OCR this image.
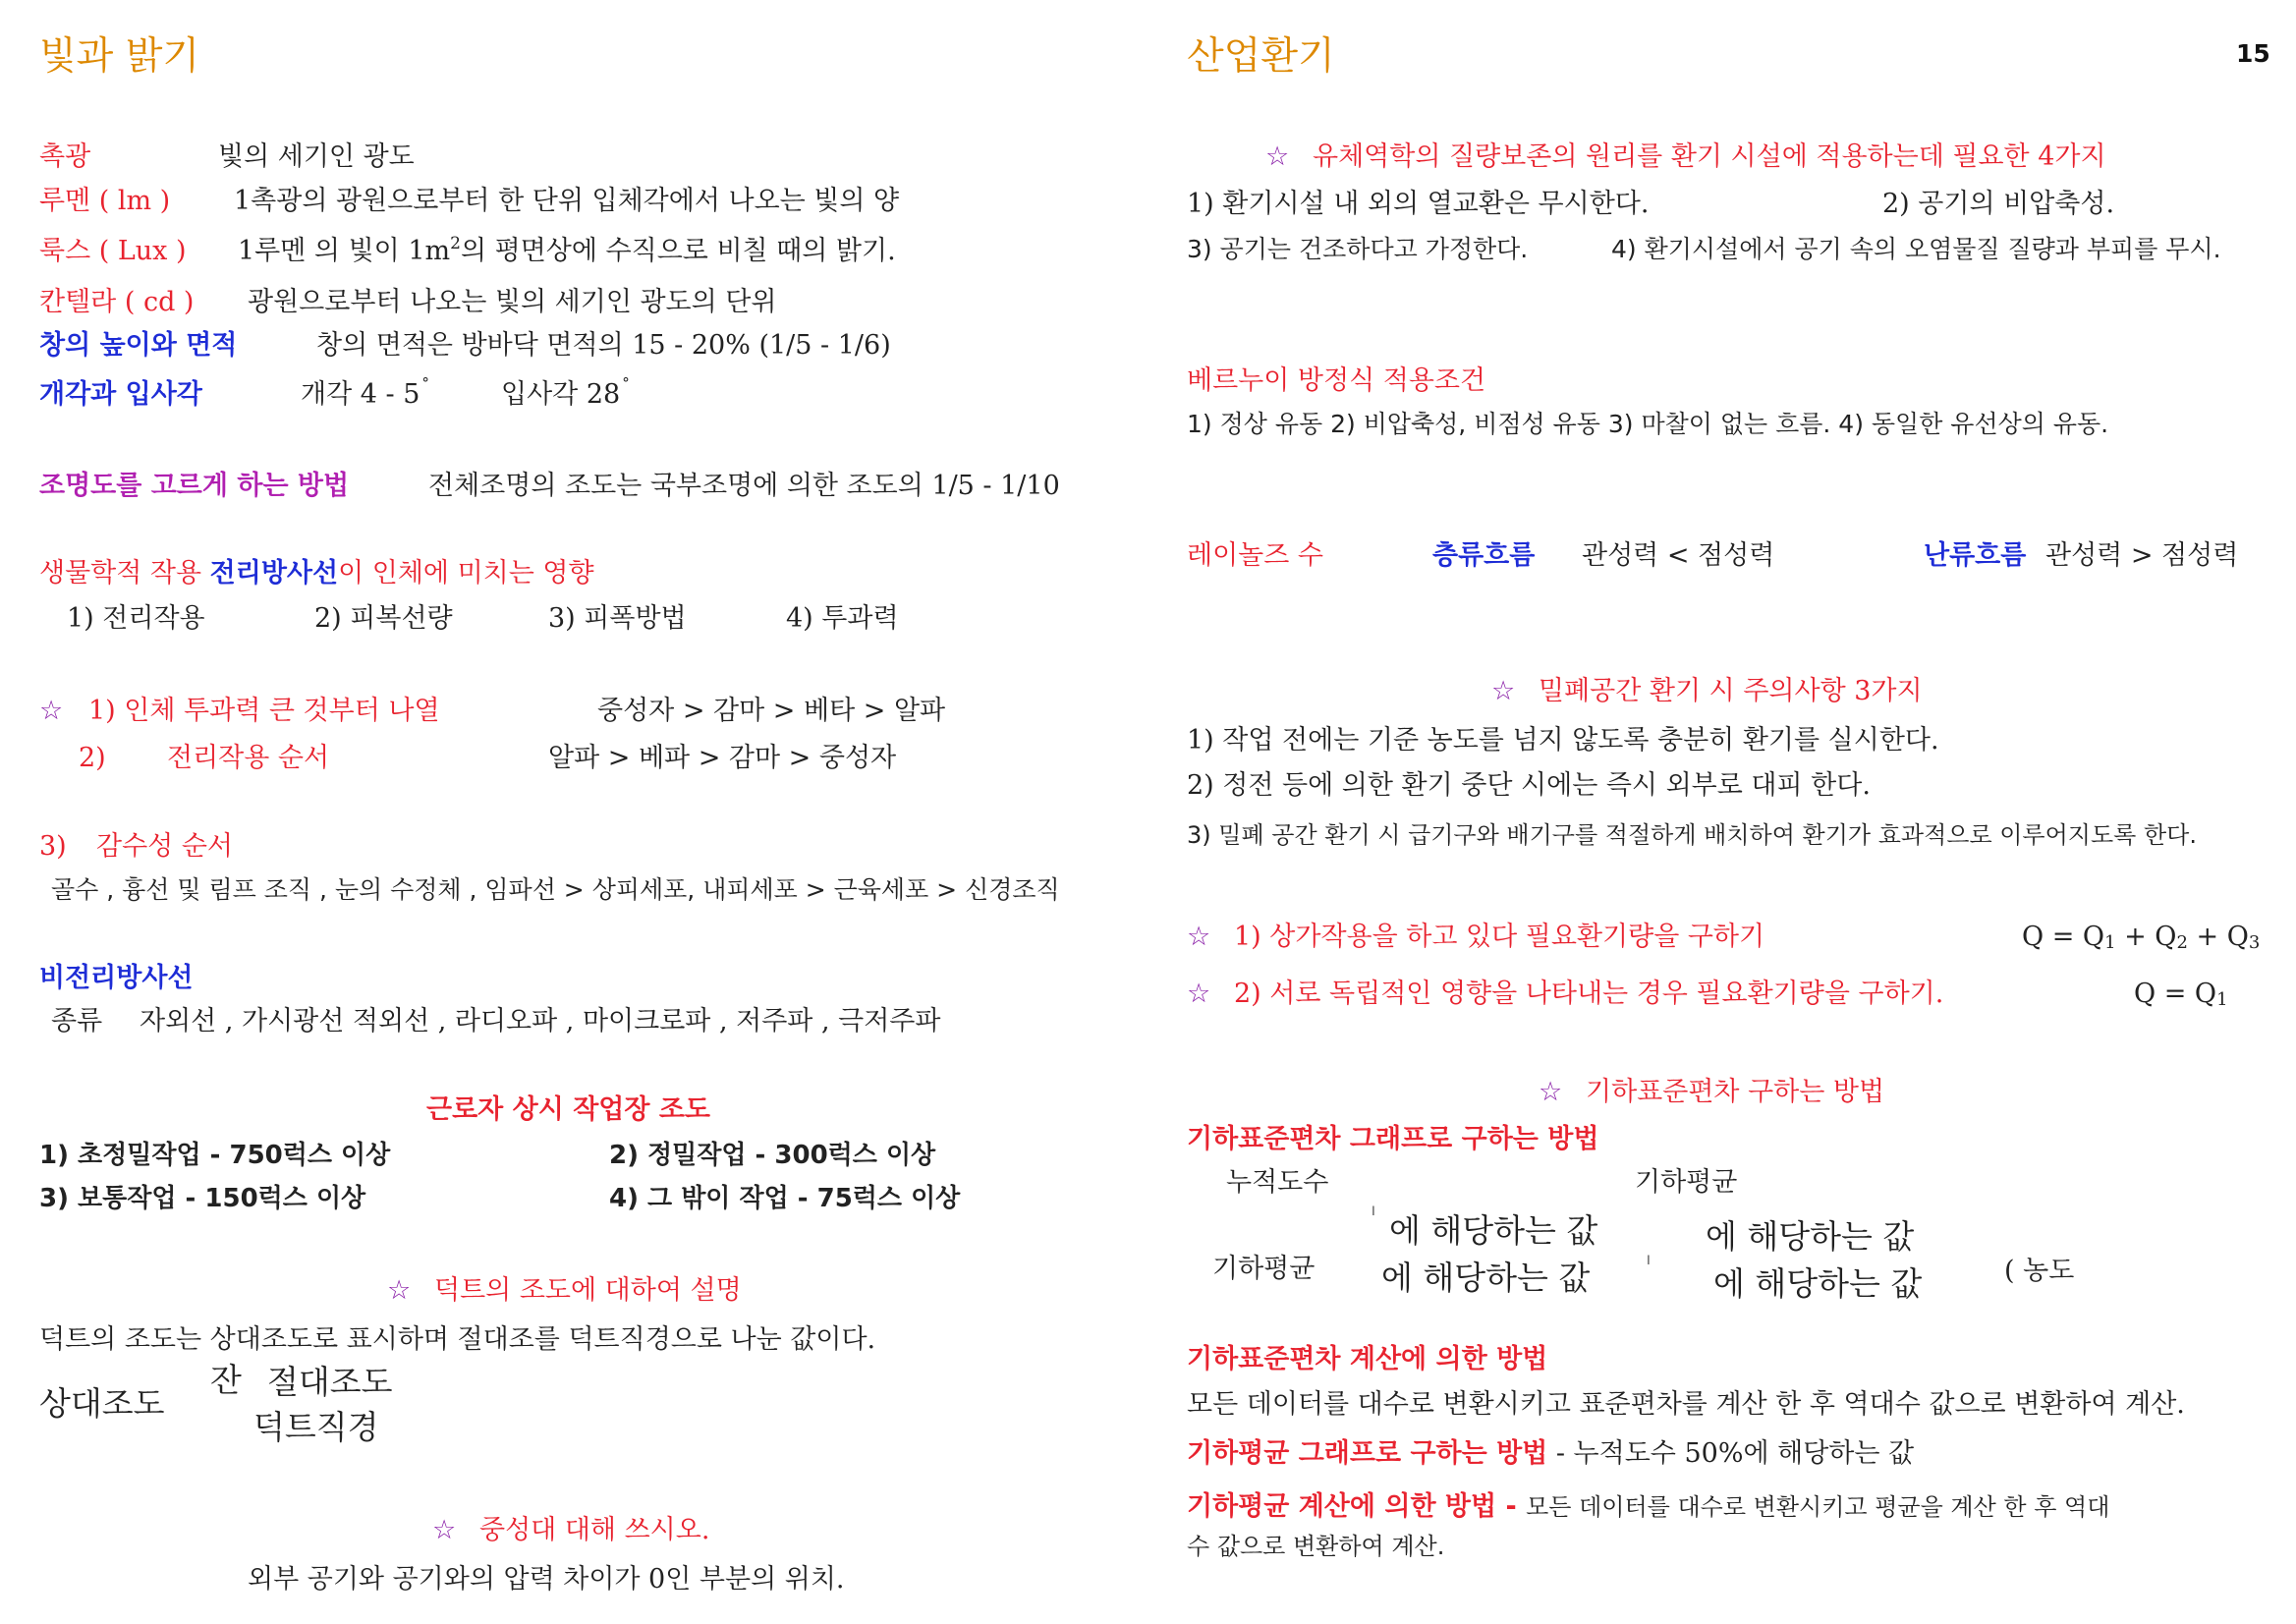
빛과 밝기
촉광	빛의 세기인 광도
루멘 ( lm ) 1촉광의 광원으로부터 한 단위 입체각에서 나오는 빛의 양
룩스 ( Lux ) 1루멘 의 빛이 $1m^2$의 평면상에 수직으로 비칠 때의 밝기.
칸텔라 ( cd ) 광원으로부터 나오는 빛의 세기인 광도의 단위
창의 높이와 면적	창의 면적은 방바닥 면적의 15 - 20% (1/5 - 1/6)
개각과 입사각	개각 4 - 5 °	입사각 28 °
조명도를 고르게 하는 방법	전체조명의 조도는 국부조명에 의한 조도의 1/5 - 1/10
생물학적 작용 전리방사선이 인체에 미치는 영향
1) 전리작용	2) 피복선량	3) 피폭방법	4) 투과력
☆ 1) 인체 투과력 큰 것부터 나열	중성자 > 감마 > 베타 > 알파
2) 전리작용 순서	알파 > 베파 > 감마 > 중성자
3) 감수성 순서
골수 , 흉선 및 림프 조직 , 눈의 수정체 , 임파선 > 상피세포, 내피세포 > 근육세포 > 신경조직
비전리방사선
종류 자외선 , 가시광선 적외선 , 라디오파 , 마이크로파 , 저주파 , 극저주파
근로자 상시 작업장 조도
1) 초정밀작업 - 750럭스 이상	2) 정밀작업 - 300럭스 이상
3) 보통작업 - 150럭스 이상	4) 그 밖이 작업 - 75럭스 이상
☆ 덕트의 조도에 대하여 설명
덕트의 조도는 상대조도로 표시하며 절대조를 덕트직경으로 나눈 값이다.
상대조도
잔 절대조도
덕트직경
☆ 중성대 대해 쓰시오.
외부 공기와 공기와의 압력 차이가 0인 부분의 위치.
산업환기	15
☆ 유체역학의 질량보존의 원리를 환기 시설에 적용하는데 필요한 4가지
1) 환기시설 내 외의 열교환은 무시한다.	2) 공기의 비압축성.
3) 공기는 건조하다고 가정한다.	4) 환기시설에서 공기 속의 오염물질 질량과 부피를 무시.
베르누이 방정식 적용조건
1) 정상 유동 2) 비압축성, 비점성 유동 3) 마찰이 없는 흐름. 4) 동일한 유선상의 유동.
레이놀즈 수	층류흐름 관성력 < 점성력	난류흐름 관성력 > 점성력
☆ 밀폐공간 환기 시 주의사항 3가지
1) 작업 전에는 기준 농도를 넘지 않도록 충분히 환기를 실시한다.
2) 정전 등에 의한 환기 중단 시에는 즉시 외부로 대피 한다.
3) 밀폐 공간 환기 시 급기구와 배기구를 적절하게 배치하여 환기가 효과적으로 이루어지도록 한다.
☆ 1) 상가작용을 하고 있다 필요환기량을 구하기	$Q = Q_1 + Q_2 + Q_3$
☆ 2) 서로 독립적인 영향을 나타내는 경우 필요환기량을 구하기.	$Q = Q_1$
☆ 기하표준편차 구하는 방법
기하표준편차 그래프로 구하는 방법
누적도수	기하평균
ǀ 에 해당하는 값	에 해당하는 값
기하평균 에 해당하는 값	ǀ
에 해당하는 값	( 농도
기하표준편차 계산에 의한 방법
모든 데이터를 대수로 변환시키고 표준편차를 계산 한 후 역대수 값으로 변환하여 계산.
기하평균 그래프로 구하는 방법 - 누적도수 50%에 해당하는 값
기하평균 계산에 의한 방법 - 모든 데이터를 대수로 변환시키고 평균을 계산 한 후 역대
수 값으로 변환하여 계산.
